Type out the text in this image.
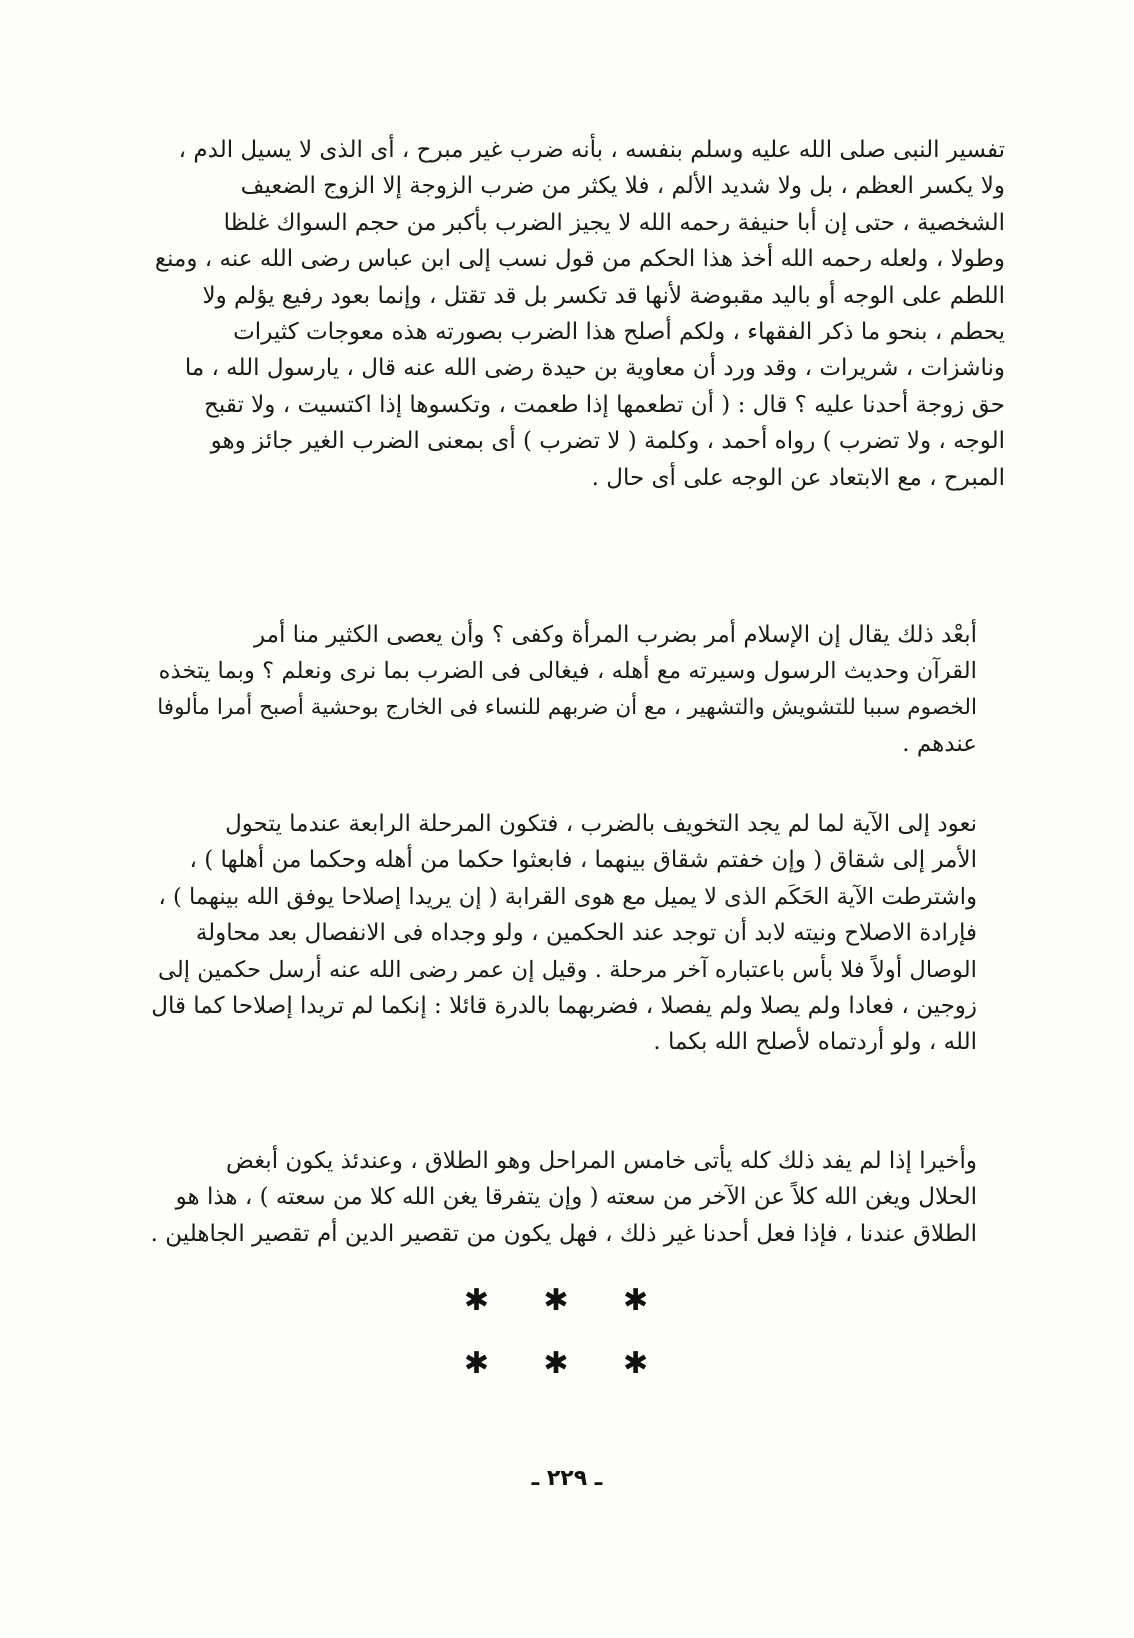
تفسير النبى صلى الله عليه وسلم بنفسه ، بأنه ضرب غير مبرح ، أى الذى لا يسيل الدم ،
ولا يكسر العظم ، بل ولا شديد الألم ، فلا يكثر من ضرب الزوجة إلا الزوج الضعيف
الشخصية ، حتى إن أبا حنيفة رحمه الله لا يجيز الضرب بأكبر من حجم السواك غلظا
وطولا ، ولعله رحمه الله أخذ هذا الحكم من قول نسب إلى ابن عباس رضى الله عنه ، ومنع
اللطم على الوجه أو باليد مقبوضة لأنها قد تكسر بل قد تقتل ، وإنما بعود رفيع يؤلم ولا
يحطم ، بنحو ما ذكر الفقهاء ، ولكم أصلح هذا الضرب بصورته هذه معوجات كثيرات
وناشزات ، شريرات ، وقد ورد أن معاوية بن حيدة رضى الله عنه قال ، يارسول الله ، ما
حق زوجة أحدنا عليه ؟ قال : ( أن تطعمها إذا طعمت ، وتكسوها إذا اكتسيت ، ولا تقبح
الوجه ، ولا تضرب ) رواه أحمد ، وكلمة ( لا تضرب ) أى بمعنى الضرب الغير جائز وهو
المبرح ، مع الابتعاد عن الوجه على أى حال .

أبعْد ذلك يقال إن الإسلام أمر بضرب المرأة وكفى ؟ وأن يعصى الكثير منا أمر
القرآن وحديث الرسول وسيرته مع أهله ، فيغالى فى الضرب بما نرى ونعلم ؟ وبما يتخذه
الخصوم سببا للتشويش والتشهير ، مع أن ضربهم للنساء فى الخارج بوحشية أصبح أمرا مألوفا
عندهم .

نعود إلى الآية لما لم يجد التخويف بالضرب ، فتكون المرحلة الرابعة عندما يتحول
الأمر إلى شقاق ( وإن خفتم شقاق بينهما ، فابعثوا حكما من أهله وحكما من أهلها ) ،
واشترطت الآية الحَكَم الذى لا يميل مع هوى القرابة ( إن يريدا إصلاحا يوفق الله بينهما ) ،
فإرادة الاصلاح ونيته لابد أن توجد عند الحكمين ، ولو وجداه فى الانفصال بعد محاولة
الوصال أولاً فلا بأس باعتباره آخر مرحلة . وقيل إن عمر رضى الله عنه أرسل حكمين إلى
زوجين ، فعادا ولم يصلا ولم يفصلا ، فضربهما بالدرة قائلا : إنكما لم تريدا إصلاحا كما قال
الله ، ولو أردتماه لأصلح الله بكما .

وأخيرا إذا لم يفد ذلك كله يأتى خامس المراحل وهو الطلاق ، وعندئذ يكون أبغض
الحلال ويغن الله كلاً عن الآخر من سعته ( وإن يتفرقا يغن الله كلا من سعته ) ، هذا هو
الطلاق عندنا ، فإذا فعل أحدنا غير ذلك ، فهل يكون من تقصير الدين أم تقصير الجاهلين .

✱ ✱ ✱
✱ ✱ ✱
ـ ٢٢٩ ـ
